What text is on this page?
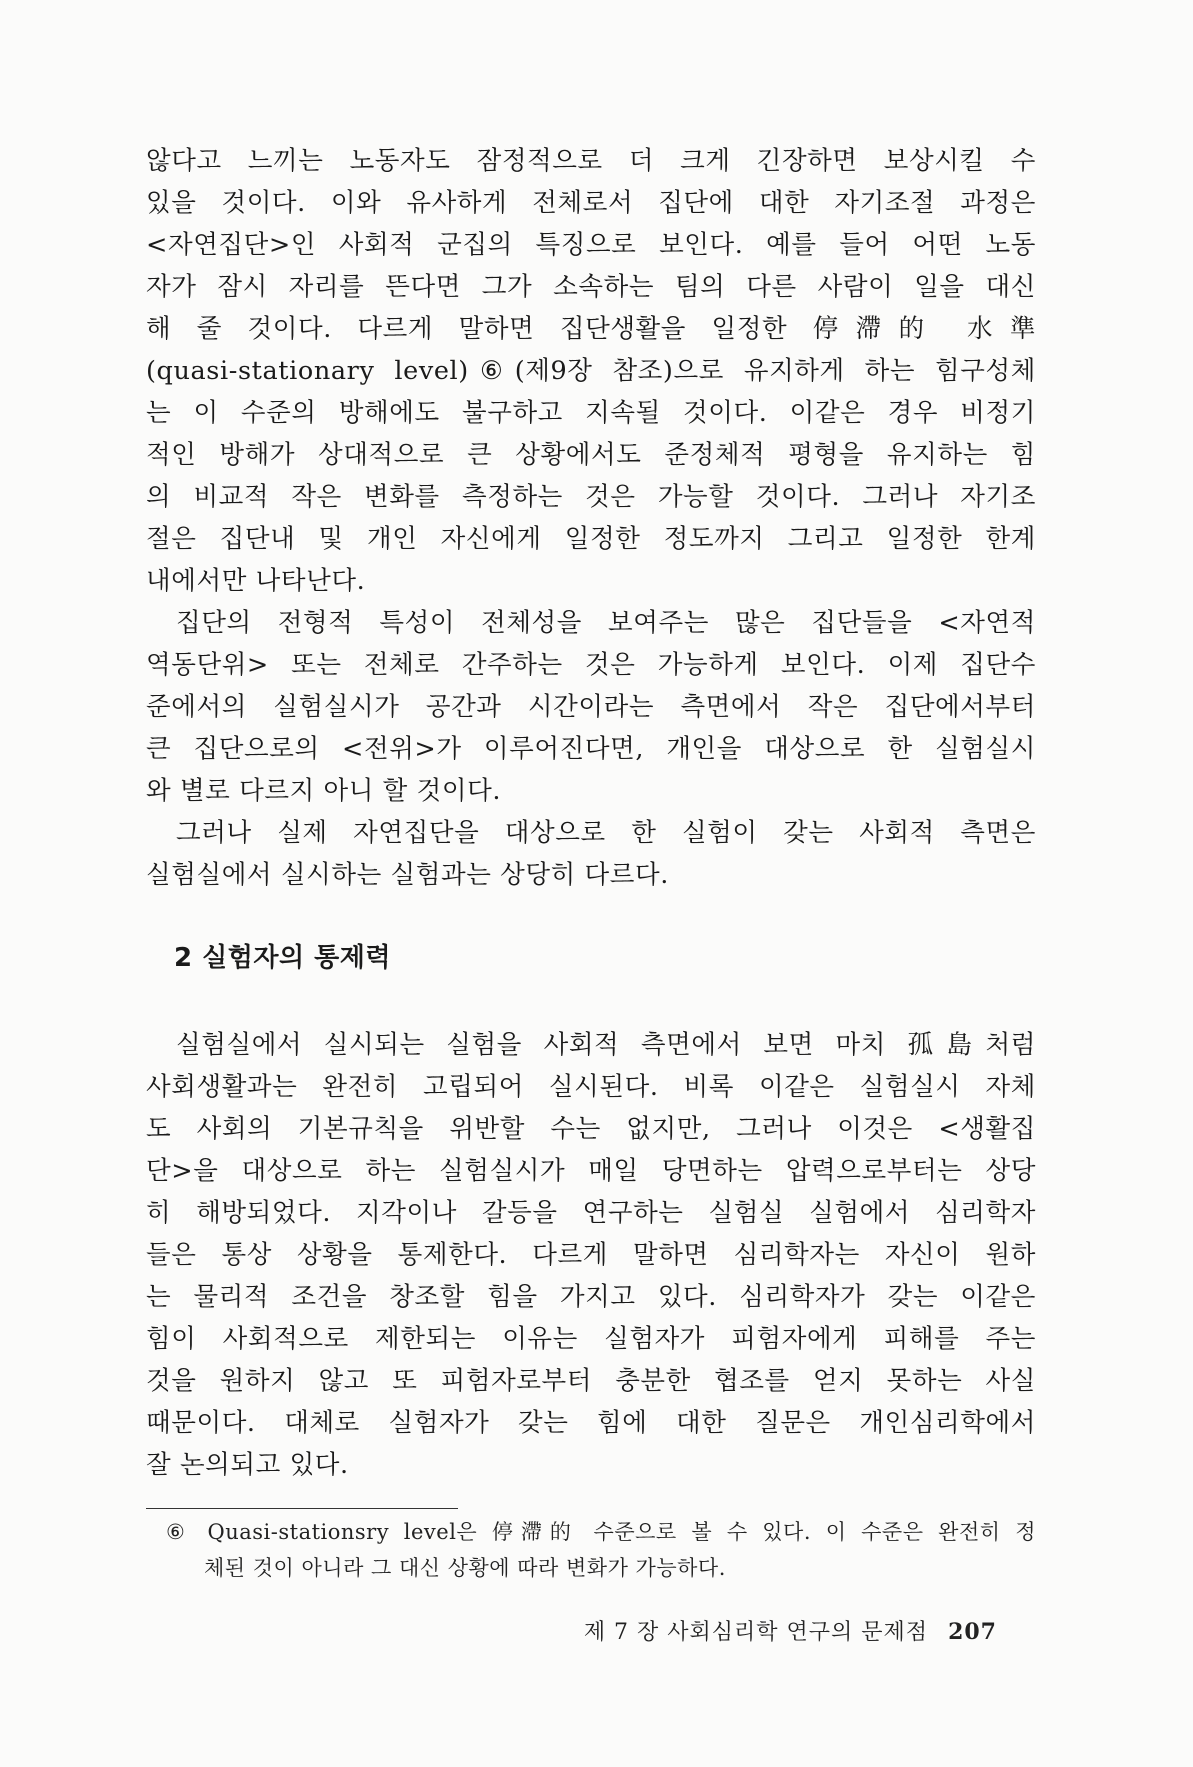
않다고 느끼는 노동자도 잠정적으로 더 크게 긴장하면 보상시킬 수
있을 것이다. 이와 유사하게 전체로서 집단에 대한 자기조절 과정은
<자연집단>인 사회적 군집의 특징으로 보인다. 예를 들어 어떤 노동
자가 잠시 자리를 뜬다면 그가 소속하는 팀의 다른 사람이 일을 대신
해 줄 것이다. 다르게 말하면 집단생활을 일정한 停滯的 水準
(quasi-stationary level)⑥(제9장 참조)으로 유지하게 하는 힘구성체
는 이 수준의 방해에도 불구하고 지속될 것이다. 이같은 경우 비정기
적인 방해가 상대적으로 큰 상황에서도 준정체적 평형을 유지하는 힘
의 비교적 작은 변화를 측정하는 것은 가능할 것이다. 그러나 자기조
절은 집단내 및 개인 자신에게 일정한 정도까지 그리고 일정한 한계
내에서만 나타난다.
집단의 전형적 특성이 전체성을 보여주는 많은 집단들을 <자연적
역동단위> 또는 전체로 간주하는 것은 가능하게 보인다. 이제 집단수
준에서의 실험실시가 공간과 시간이라는 측면에서 작은 집단에서부터
큰 집단으로의 <전위>가 이루어진다면, 개인을 대상으로 한 실험실시
와 별로 다르지 아니 할 것이다.
그러나 실제 자연집단을 대상으로 한 실험이 갖는 사회적 측면은
실험실에서 실시하는 실험과는 상당히 다르다.
2 실험자의 통제력
실험실에서 실시되는 실험을 사회적 측면에서 보면 마치 孤島처럼
사회생활과는 완전히 고립되어 실시된다. 비록 이같은 실험실시 자체
도 사회의 기본규칙을 위반할 수는 없지만, 그러나 이것은 <생활집
단>을 대상으로 하는 실험실시가 매일 당면하는 압력으로부터는 상당
히 해방되었다. 지각이나 갈등을 연구하는 실험실 실험에서 심리학자
들은 통상 상황을 통제한다. 다르게 말하면 심리학자는 자신이 원하
는 물리적 조건을 창조할 힘을 가지고 있다. 심리학자가 갖는 이같은
힘이 사회적으로 제한되는 이유는 실험자가 피험자에게 피해를 주는
것을 원하지 않고 또 피험자로부터 충분한 협조를 얻지 못하는 사실
때문이다. 대체로 실험자가 갖는 힘에 대한 질문은 개인심리학에서
잘 논의되고 있다.
⑥ Quasi-stationsry level은 停滯的 수준으로 볼 수 있다. 이 수준은 완전히 정
체된 것이 아니라 그 대신 상황에 따라 변화가 가능하다.
제 7 장 사회심리학 연구의 문제점 207
